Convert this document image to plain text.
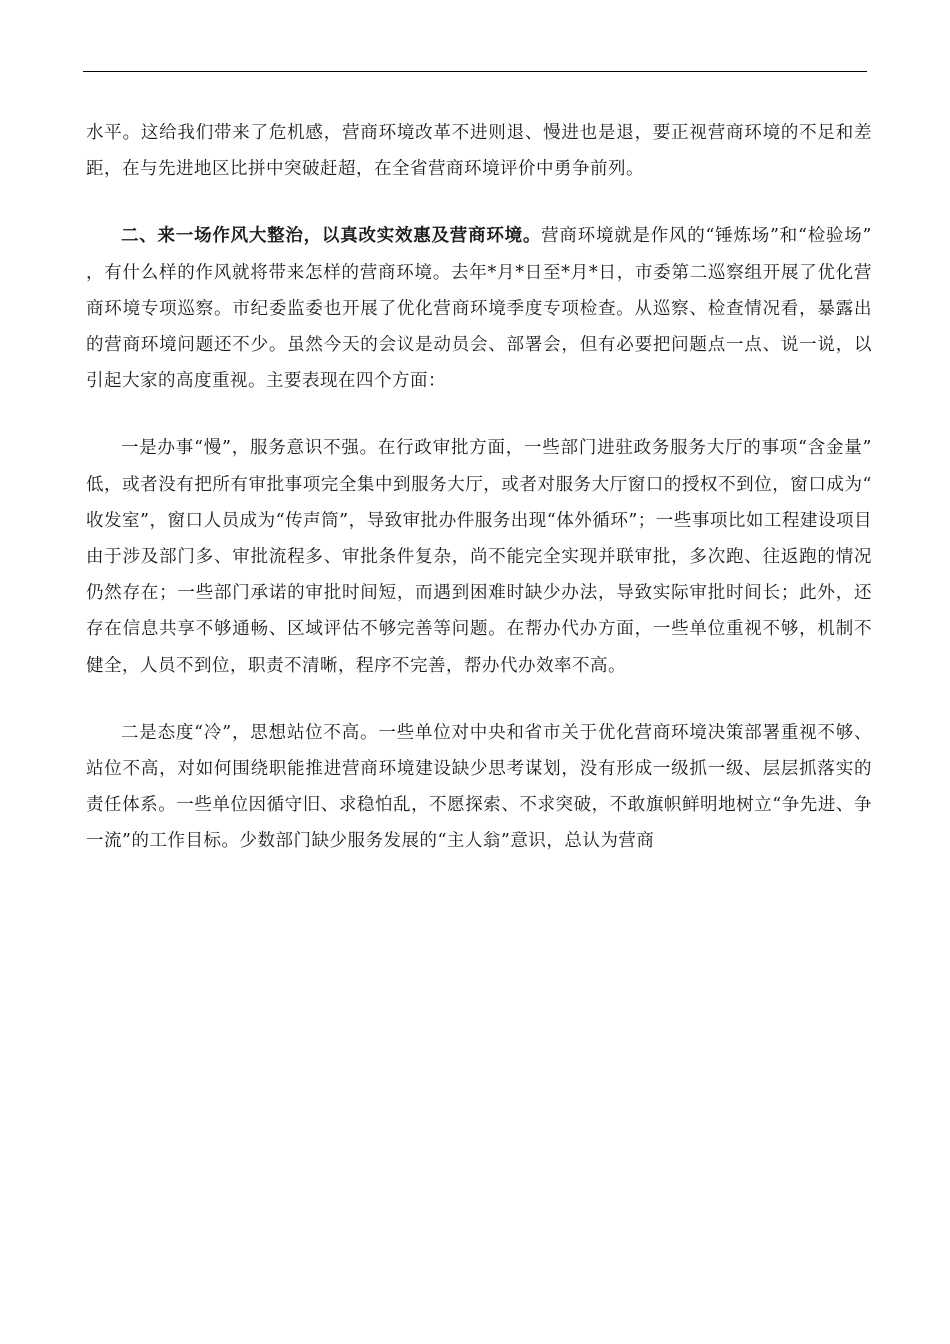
水平。这给我们带来了危机感，营商环境改革不进则退、慢进也是退，要正视营商环境的不足和差距，在与先进地区比拼中突破赶超，在全省营商环境评价中勇争前列。

二、来一场作风大整治，以真改实效惠及营商环境。营商环境就是作风的“锤炼场”和“检验场”，有什么样的作风就将带来怎样的营商环境。去年*月*日至*月*日，市委第二巡察组开展了优化营商环境专项巡察。市纪委监委也开展了优化营商环境季度专项检查。从巡察、检查情况看，暴露出的营商环境问题还不少。虽然今天的会议是动员会、部署会，但有必要把问题点一点、说一说，以引起大家的高度重视。主要表现在四个方面：

一是办事“慢”，服务意识不强。在行政审批方面，一些部门进驻政务服务大厅的事项“含金量”低，或者没有把所有审批事项完全集中到服务大厅，或者对服务大厅窗口的授权不到位，窗口成为“收发室”，窗口人员成为“传声筒”，导致审批办件服务出现“体外循环”；一些事项比如工程建设项目由于涉及部门多、审批流程多、审批条件复杂，尚不能完全实现并联审批，多次跑、往返跑的情况仍然存在；一些部门承诺的审批时间短，而遇到困难时缺少办法，导致实际审批时间长；此外，还存在信息共享不够通畅、区域评估不够完善等问题。在帮办代办方面，一些单位重视不够，机制不健全，人员不到位，职责不清晰，程序不完善，帮办代办效率不高。

二是态度“冷”，思想站位不高。一些单位对中央和省市关于优化营商环境决策部署重视不够、站位不高，对如何围绕职能推进营商环境建设缺少思考谋划，没有形成一级抓一级、层层抓落实的责任体系。一些单位因循守旧、求稳怕乱，不愿探索、不求突破，不敢旗帜鲜明地树立“争先进、争一流”的工作目标。少数部门缺少服务发展的“主人翁”意识，总认为营商
